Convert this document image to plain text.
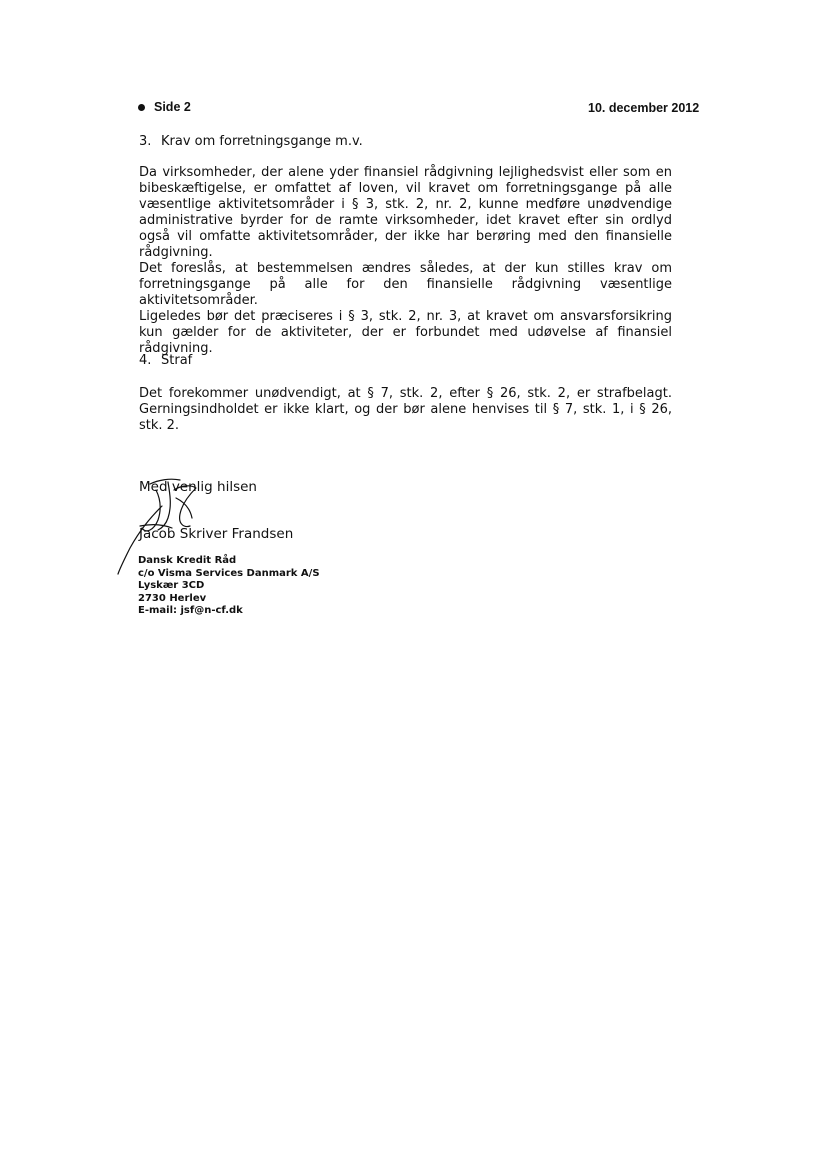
Side 2	10. december 2012
3. Krav om forretningsgange m.v.

Da virksomheder, der alene yder finansiel rådgivning lejlighedsvist eller som en bibeskæftigelse, er omfattet af loven, vil kravet om forretningsgange på alle væsentlige aktivitetsområder i § 3, stk. 2, nr. 2, kunne medføre unødvendige administrative byrder for de ramte virksomheder, idet kravet efter sin ordlyd også vil omfatte aktivitetsområder, der ikke har berøring med den finansielle rådgivning.

Det foreslås, at bestemmelsen ændres således, at der kun stilles krav om forretningsgange på alle for den finansielle rådgivning væsentlige aktivitetsområder.

Ligeledes bør det præciseres i § 3, stk. 2, nr. 3, at kravet om ansvarsforsikring kun gælder for de aktiviteter, der er forbundet med udøvelse af finansiel rådgivning.

4. Straf

Det forekommer unødvendigt, at § 7, stk. 2, efter § 26, stk. 2, er strafbelagt. Gerningsindholdet er ikke klart, og der bør alene henvises til § 7, stk. 1, i § 26, stk. 2.

Med venlig hilsen
Jacob Skriver Frandsen
Dansk Kredit Råd
c/o Visma Services Danmark A/S
Lyskær 3CD
2730 Herlev
E-mail: jsf@n-cf.dk
